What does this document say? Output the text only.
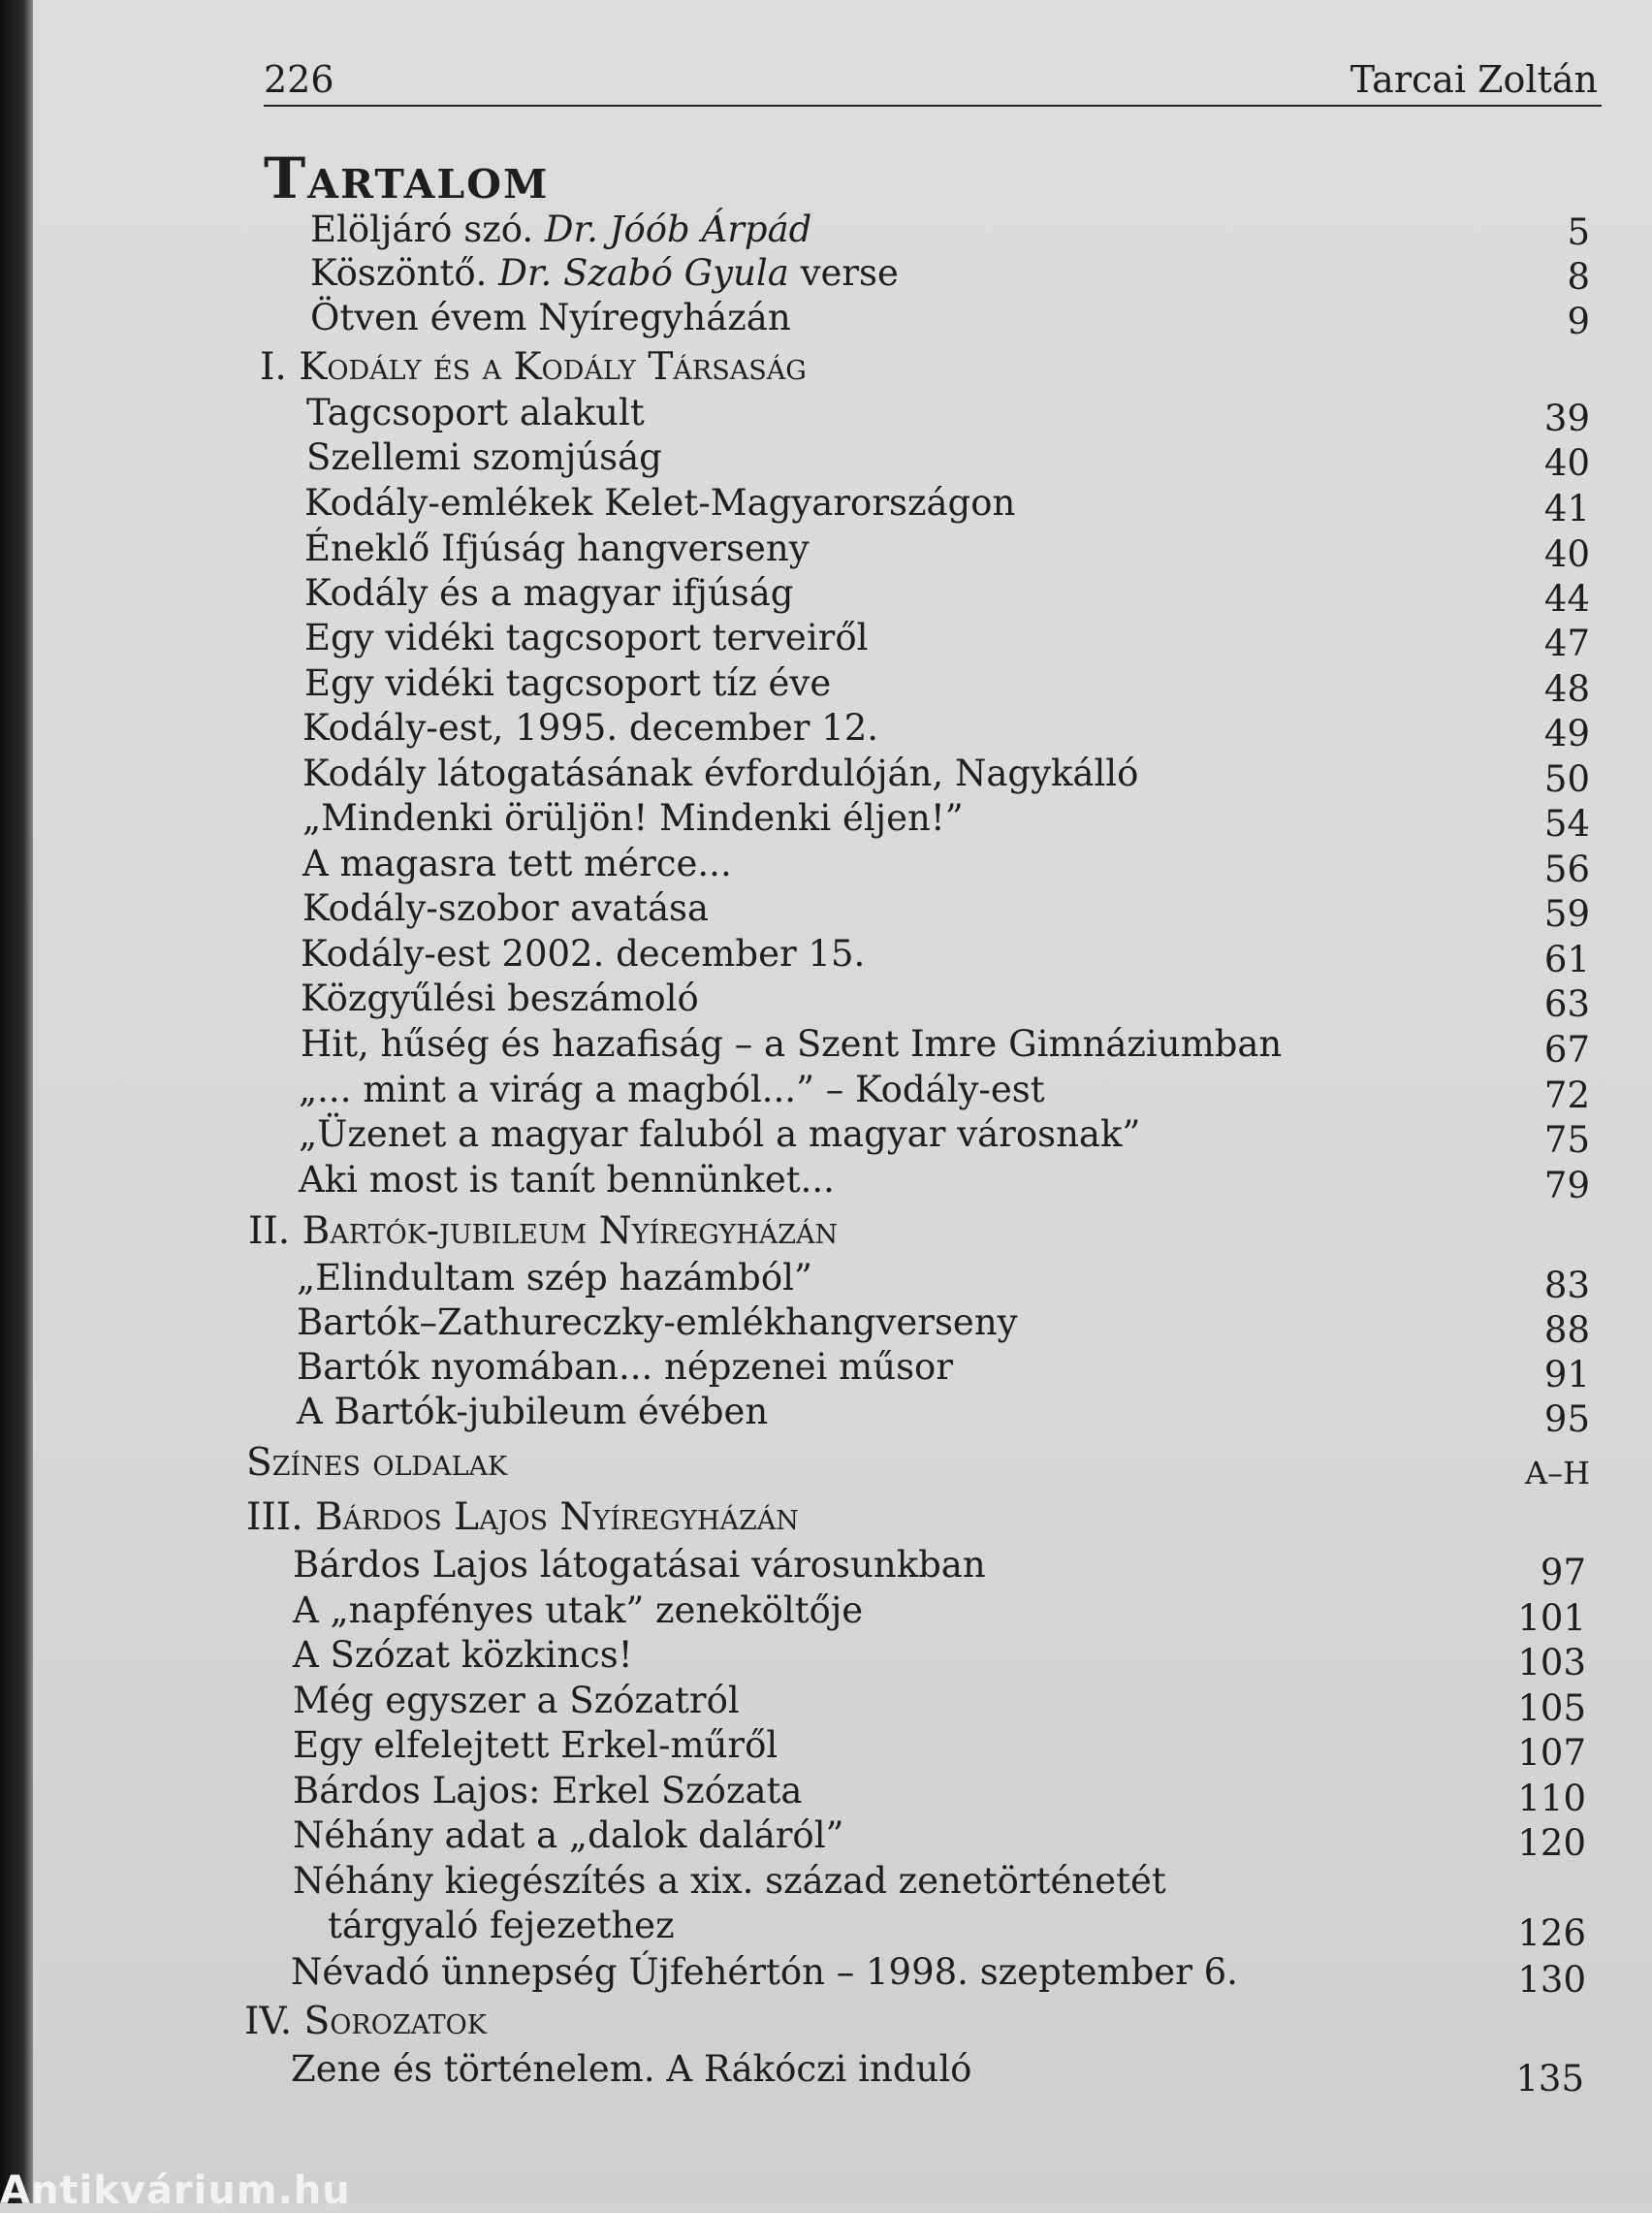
226	Tarcai Zoltán
Tartalom
Elöljáró szó. Dr. Jóób Árpád	5
Köszöntő. Dr. Szabó Gyula verse	8
Ötven évem Nyíregyházán	9
I. Kodály és a Kodály Társaság
Tagcsoport alakult	39
Szellemi szomjúság	40
Kodály-emlékek Kelet-Magyarországon	41
Éneklő Ifjúság hangverseny	40
Kodály és a magyar ifjúság	44
Egy vidéki tagcsoport terveiről	47
Egy vidéki tagcsoport tíz éve	48
Kodály-est, 1995. december 12.	49
Kodály látogatásának évfordulóján, Nagykálló	50
„Mindenki örüljön! Mindenki éljen!”	54
A magasra tett mérce...	56
Kodály-szobor avatása	59
Kodály-est 2002. december 15.	61
Közgyűlési beszámoló	63
Hit, hűség és hazafiság – a Szent Imre Gimnáziumban	67
„... mint a virág a magból...” – Kodály-est	72
„Üzenet a magyar faluból a magyar városnak”	75
Aki most is tanít bennünket...	79
II. Bartók-jubileum Nyíregyházán
„Elindultam szép hazámból”	83
Bartók–Zathureczky-emlékhangverseny	88
Bartók nyomában... népzenei műsor	91
A Bartók-jubileum évében	95
Színes oldalak	A–H
III. Bárdos Lajos Nyíregyházán
Bárdos Lajos látogatásai városunkban	97
A „napfényes utak” zeneköltője	101
A Szózat közkincs!	103
Még egyszer a Szózatról	105
Egy elfelejtett Erkel-műről	107
Bárdos Lajos: Erkel Szózata	110
Néhány adat a „dalok daláról”	120
Néhány kiegészítés a xix. század zenetörténetét
tárgyaló fejezethez	126
Névadó ünnepség Újfehértón – 1998. szeptember 6.	130
IV. Sorozatok
Zene és történelem. A Rákóczi induló	135
Antikvárium.hu
